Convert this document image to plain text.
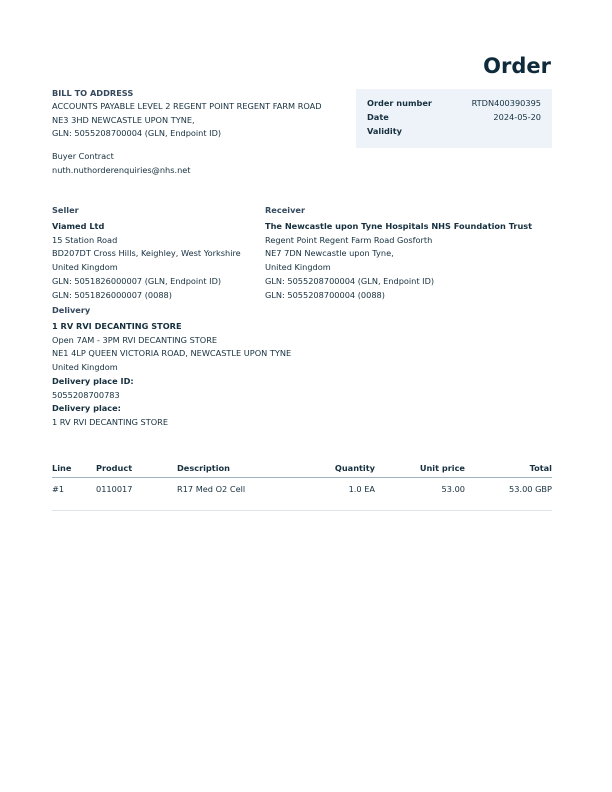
Order
BILL TO ADDRESS
ACCOUNTS PAYABLE LEVEL 2 REGENT POINT REGENT FARM ROAD
NE3 3HD NEWCASTLE UPON TYNE,
GLN: 5055208700004 (GLN, Endpoint ID)
Order number	RTDN400390395
Date	2024-05-20
Validity
Buyer Contract
nuth.nuthorderenquiries@nhs.net
Seller
Viamed Ltd
15 Station Road
BD207DT Cross Hills, Keighley, West Yorkshire
United Kingdom
GLN: 5051826000007 (GLN, Endpoint ID)
GLN: 5051826000007 (0088)
Receiver
The Newcastle upon Tyne Hospitals NHS Foundation Trust
Regent Point Regent Farm Road Gosforth
NE7 7DN Newcastle upon Tyne,
United Kingdom
GLN: 5055208700004 (GLN, Endpoint ID)
GLN: 5055208700004 (0088)
Delivery
1 RV RVI DECANTING STORE
Open 7AM - 3PM RVI DECANTING STORE
NE1 4LP QUEEN VICTORIA ROAD, NEWCASTLE UPON TYNE
United Kingdom
Delivery place ID:
5055208700783
Delivery place:
1 RV RVI DECANTING STORE
Line	Product	Description	Quantity	Unit price	Total
#1	0110017	R17 Med O2 Cell	1.0 EA	53.00	53.00 GBP
